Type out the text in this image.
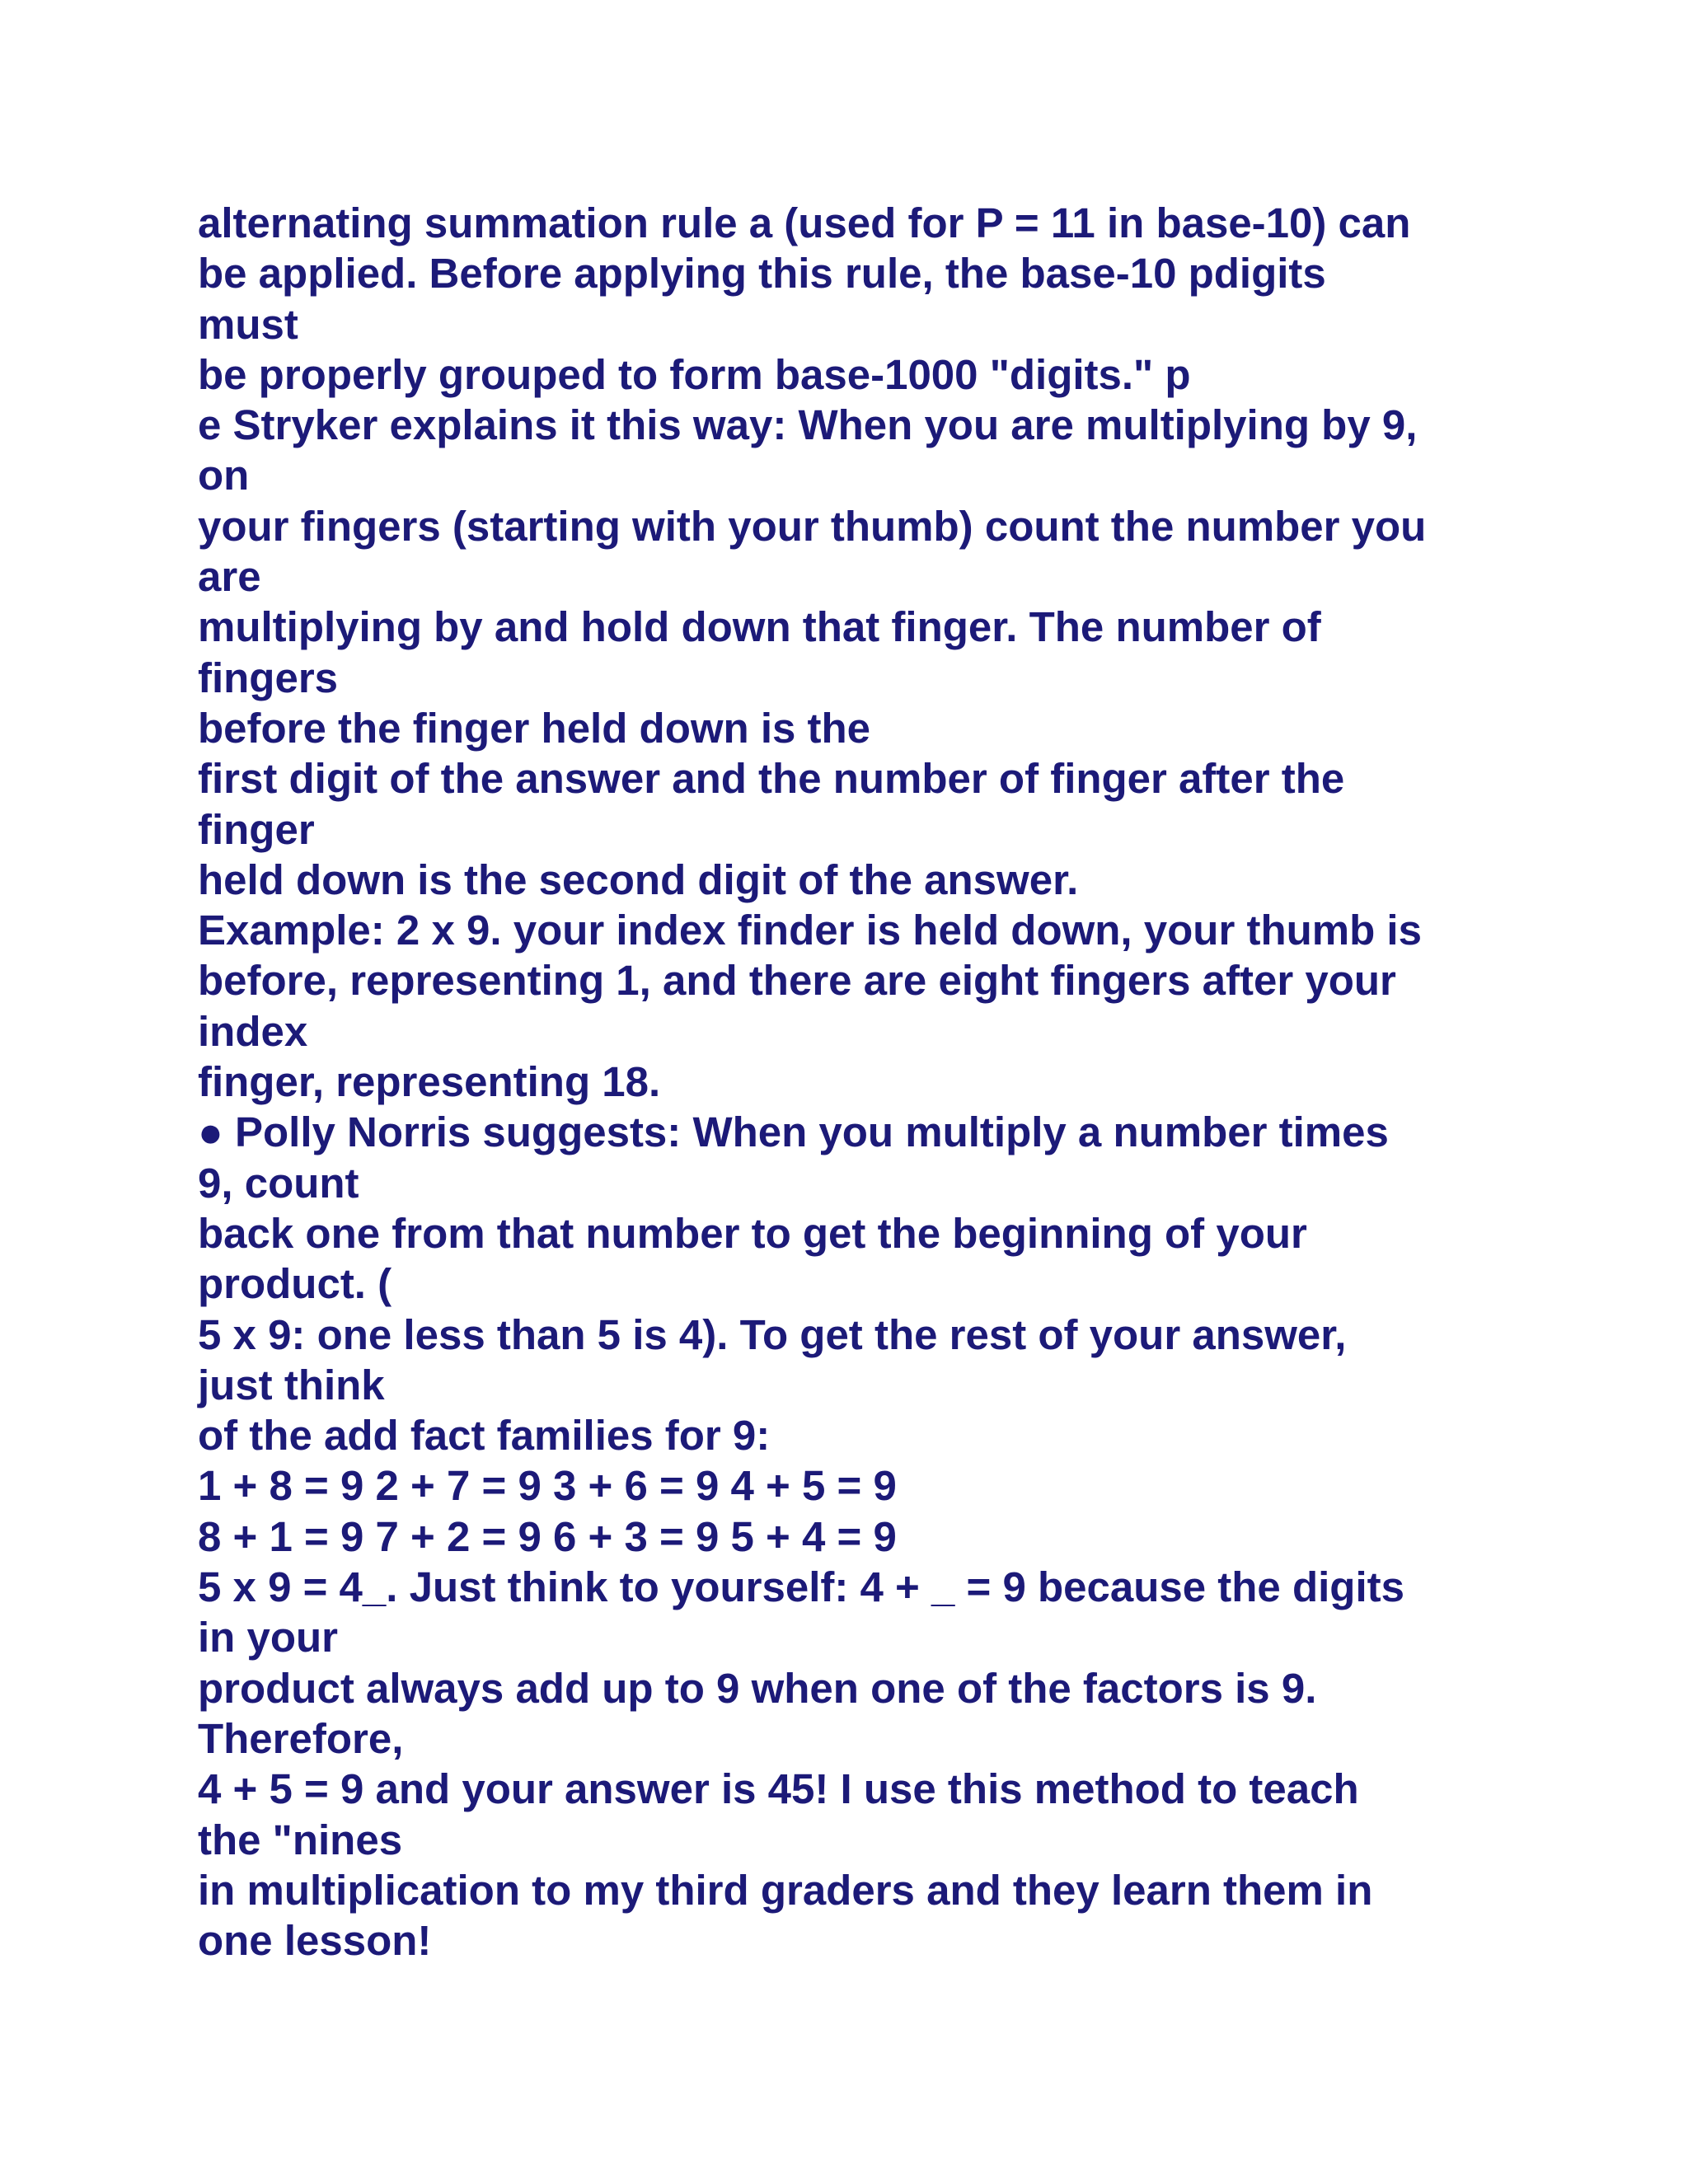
alternating summation rule a (used for P = 11 in base-10) can
be applied. Before applying this rule, the base-10 pdigits
must
be properly grouped to form base-1000 "digits." p
e Stryker explains it this way: When you are multiplying by 9,
on
your fingers (starting with your thumb) count the number you
are
multiplying by and hold down that finger. The number of
fingers
before the finger held down is the
first digit of the answer and the number of finger after the
finger
held down is the second digit of the answer.
Example: 2 x 9. your index finder is held down, your thumb is
before, representing 1, and there are eight fingers after your
index
finger, representing 18.
● Polly Norris suggests: When you multiply a number times
9, count
back one from that number to get the beginning of your
product. (
5 x 9: one less than 5 is 4). To get the rest of your answer,
just think
of the add fact families for 9:
1 + 8 = 9 2 + 7 = 9 3 + 6 = 9 4 + 5 = 9
8 + 1 = 9 7 + 2 = 9 6 + 3 = 9 5 + 4 = 9
5 x 9 = 4_. Just think to yourself: 4 + _ = 9 because the digits
in your
product always add up to 9 when one of the factors is 9.
Therefore,
4 + 5 = 9 and your answer is 45! I use this method to teach
the "nines
in multiplication to my third graders and they learn them in
one lesson!
